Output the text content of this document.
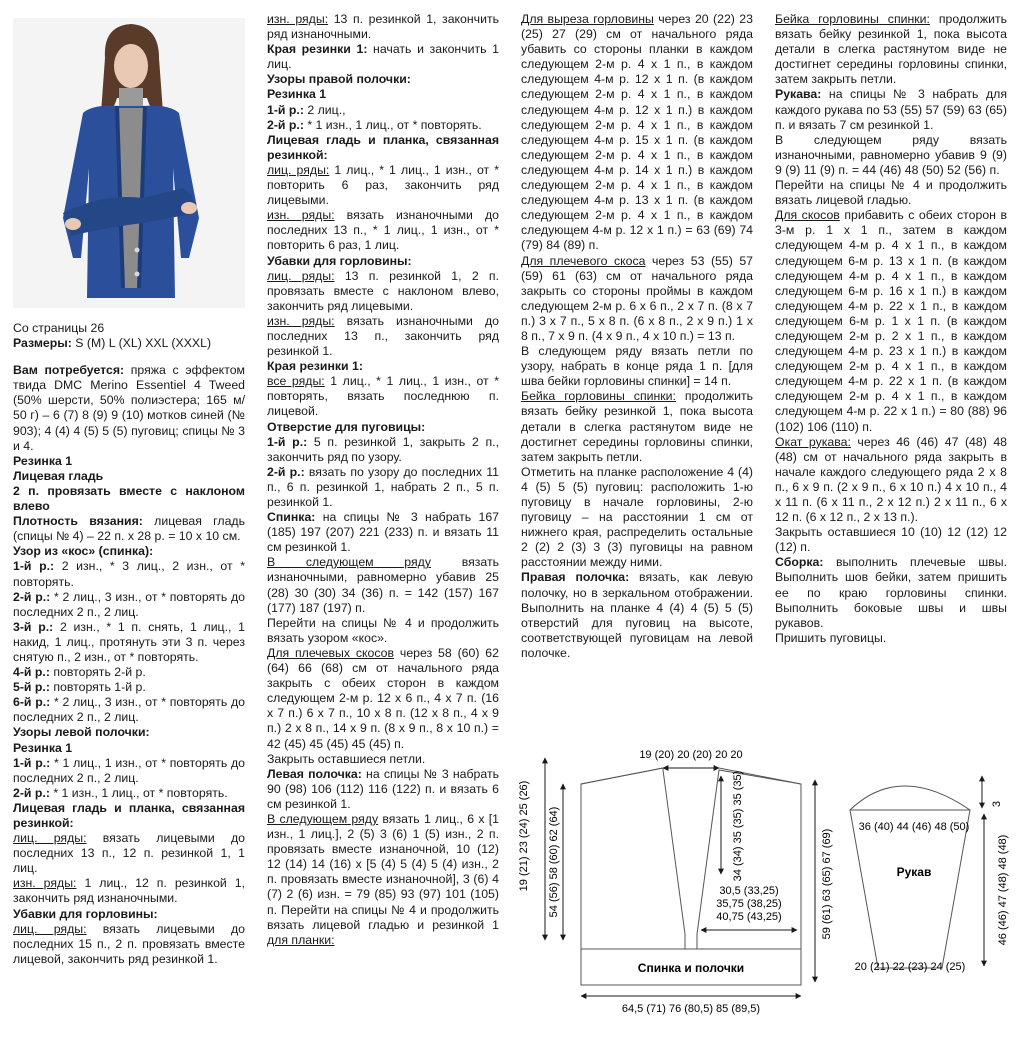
Со страницы 26

Размеры: S (M) L (XL) XXL (XXXL)

Вам потребуется: пряжа с эффектом твида DMC Merino Essentiel 4 Tweed (50% шерсти, 50% полиэстера; 165 м/ 50 г) – 6 (7) 8 (9) 9 (10) мотков синей (№ 903); 4 (4) 4 (5) 5 (5) пуговиц; спицы № 3 и 4.

Резинка 1

Лицевая гладь

2 п. провязать вместе с наклоном влево

Плотность вязания: лицевая гладь (спицы № 4) – 22 п. х 28 р. = 10 х 10 см.

Узор из «кос» (спинка):

1-й р.: 2 изн., * 3 лиц., 2 изн., от * повторять.

2-й р.: * 2 лиц., 3 изн., от * повторять до последних 2 п., 2 лиц.

3-й р.: 2 изн., * 1 п. снять, 1 лиц., 1 накид, 1 лиц., протянуть эти 3 п. через снятую п., 2 изн., от * повторять.

4-й р.: повторять 2-й р.

5-й р.: повторять 1-й р.

6-й р.: * 2 лиц., 3 изн., от * повторять до последних 2 п., 2 лиц.

Узоры левой полочки:

Резинка 1

1-й р.: * 1 лиц., 1 изн., от * повторять до последних 2 п., 2 лиц.

2-й р.: * 1 изн., 1 лиц., от * повторять.

Лицевая гладь и планка, связанная резинкой:

лиц. ряды: вязать лицевыми до последних 13 п., 12 п. резинкой 1, 1 лиц.

изн. ряды: 1 лиц., 12 п. резинкой 1, закончить ряд изнаночными.

Убавки для горловины:

лиц. ряды: вязать лицевыми до последних 15 п., 2 п. провязать вместе лицевой, закончить ряд резинкой 1.

изн. ряды: 13 п. резинкой 1, закончить ряд изнаночными.

Края резинки 1: начать и закончить 1 лиц.

Узоры правой полочки:

Резинка 1

1-й р.: 2 лиц.,

2-й р.: * 1 изн., 1 лиц., от * повторять.

Лицевая гладь и планка, связанная резинкой:

лиц. ряды: 1 лиц., * 1 лиц., 1 изн., от * повторить 6 раз, закончить ряд лицевыми.

изн. ряды: вязать изнаночными до последних 13 п., * 1 лиц., 1 изн., от * повторить 6 раз, 1 лиц.

Убавки для горловины:

лиц. ряды: 13 п. резинкой 1, 2 п. провязать вместе с наклоном влево, закончить ряд лицевыми.

изн. ряды: вязать изнаночными до последних 13 п., закончить ряд резинкой 1.

Края резинки 1:

все ряды: 1 лиц., * 1 лиц., 1 изн., от * повторять, вязать последнюю п. лицевой.

Отверстие для пуговицы:

1-й р.: 5 п. резинкой 1, закрыть 2 п., закончить ряд по узору.

2-й р.: вязать по узору до последних 11 п., 6 п. резинкой 1, набрать 2 п., 5 п. резинкой 1.

Спинка: на спицы № 3 набрать 167 (185) 197 (207) 221 (233) п. и вязать 11 см резинкой 1.

В следующем ряду вязать изнаночными, равномерно убавив 25 (28) 30 (30) 34 (36) п. = 142 (157) 167 (177) 187 (197) п.

Перейти на спицы № 4 и продолжить вязать узором «кос».

Для плечевых скосов через 58 (60) 62 (64) 66 (68) см от начального ряда закрыть с обеих сторон в каждом следующем 2-м р. 12 х 6 п., 4 х 7 п. (16 х 7 п.) 6 х 7 п., 10 х 8 п. (12 х 8 п., 4 х 9 п.) 2 х 8 п., 14 х 9 п. (8 х 9 п., 8 х 10 п.) = 42 (45) 45 (45) 45 (45) п.

Закрыть оставшиеся петли.

Левая полочка: на спицы № 3 набрать 90 (98) 106 (112) 116 (122) п. и вязать 6 см резинкой 1.

В следующем ряду вязать 1 лиц., 6 х [1 изн., 1 лиц.], 2 (5) 3 (6) 1 (5) изн., 2 п. провязать вместе изнаночной, 10 (12) 12 (14) 14 (16) х [5 (4) 5 (4) 5 (4) изн., 2 п. провязать вместе изнаночной], 3 (6) 4 (7) 2 (6) изн. = 79 (85) 93 (97) 101 (105) п. Перейти на спицы № 4 и продолжить вязать лицевой гладью и резинкой 1 для планки:

Для выреза горловины через 20 (22) 23 (25) 27 (29) см от начального ряда убавить со стороны планки в каждом следующем 2-м р. 4 х 1 п., в каждом следующем 4-м р. 12 х 1 п. (в каждом следующем 2-м р. 4 х 1 п., в каждом следующем 4-м р. 12 х 1 п.) в каждом следующем 2-м р. 4 х 1 п., в каждом следующем 4-м р. 15 х 1 п. (в каждом следующем 2-м р. 4 х 1 п., в каждом следующем 4-м р. 14 х 1 п.) в каждом следующем 2-м р. 4 х 1 п., в каждом следующем 4-м р. 13 х 1 п. (в каждом следующем 2-м р. 4 х 1 п., в каждом следующем 4-м р. 12 х 1 п.) = 63 (69) 74 (79) 84 (89) п.

Для плечевого скоса через 53 (55) 57 (59) 61 (63) см от начального ряда закрыть со стороны проймы в каждом следующем 2-м р. 6 х 6 п., 2 х 7 п. (8 х 7 п.) 3 х 7 п., 5 х 8 п. (6 х 8 п., 2 х 9 п.) 1 х 8 п., 7 х 9 п. (4 х 9 п., 4 х 10 п.) = 13 п.

В следующем ряду вязать петли по узору, набрать в конце ряда 1 п. [для шва бейки горловины спинки] = 14 п.

Бейка горловины спинки: продолжить вязать бейку резинкой 1, пока высота детали в слегка растянутом виде не достигнет середины горловины спинки, затем закрыть петли.

Отметить на планке расположение 4 (4) 4 (5) 5 (5) пуговиц: расположить 1-ю пуговицу в начале горловины, 2-ю пуговицу – на расстоянии 1 см от нижнего края, распределить остальные 2 (2) 2 (3) 3 (3) пуговицы на равном расстоянии между ними.

Правая полочка: вязать, как левую полочку, но в зеркальном отображении. Выполнить на планке 4 (4) 4 (5) 5 (5) отверстий для пуговиц на высоте, соответствующей пуговицам на левой полочке.

Бейка горловины спинки: продолжить вязать бейку резинкой 1, пока высота детали в слегка растянутом виде не достигнет середины горловины спинки, затем закрыть петли.

Рукава: на спицы № 3 набрать для каждого рукава по 53 (55) 57 (59) 63 (65) п. и вязать 7 см резинкой 1.

В следующем ряду вязать изнаночными, равномерно убавив 9 (9) 9 (9) 11 (9) п. = 44 (46) 48 (50) 52 (56) п.

Перейти на спицы № 4 и продолжить вязать лицевой гладью.

Для скосов прибавить с обеих сторон в 3-м р. 1 х 1 п., затем в каждом следующем 4-м р. 4 х 1 п., в каждом следующем 6-м р. 13 х 1 п. (в каждом следующем 4-м р. 4 х 1 п., в каждом следующем 6-м р. 16 х 1 п.) в каждом следующем 4-м р. 22 х 1 п., в каждом следующем 6-м р. 1 х 1 п. (в каждом следующем 2-м р. 2 х 1 п., в каждом следующем 4-м р. 23 х 1 п.) в каждом следующем 2-м р. 4 х 1 п., в каждом следующем 4-м р. 22 х 1 п. (в каждом следующем 2-м р. 4 х 1 п., в каждом следующем 4-м р. 22 х 1 п.) = 80 (88) 96 (102) 106 (110) п.

Окат рукава: через 46 (46) 47 (48) 48 (48) см от начального ряда закрыть в начале каждого следующего ряда 2 х 8 п., 6 х 9 п. (2 х 9 п., 6 х 10 п.) 4 х 10 п., 4 х 11 п. (6 х 11 п., 2 х 12 п.) 2 х 11 п., 6 х 12 п. (6 х 12 п., 2 х 13 п.).

Закрыть оставшиеся 10 (10) 12 (12) 12 (12) п.

Сборка: выполнить плечевые швы. Выполнить шов бейки, затем пришить ее по краю горловины спинки. Выполнить боковые швы и швы рукавов.

Пришить пуговицы.

19 (20) 20 (20) 20 20
19 (21) 23 (24) 25 (26) 54 (56) 58 (60) 62 (64)	34 (34) 35 (35) 35 (35)
30,5 (33,25)
35,75 (38,25)
40,75 (43,25)	59 (61) 63 (65) 67 (69)
Спинка и полочки
64,5 (71) 76 (80,5) 85 (89,5)
3
36 (40) 44 (46) 48 (50)
Рукав	46 (46) 47 (48) 48 (48)
20 (21) 22 (23) 24 (25)
